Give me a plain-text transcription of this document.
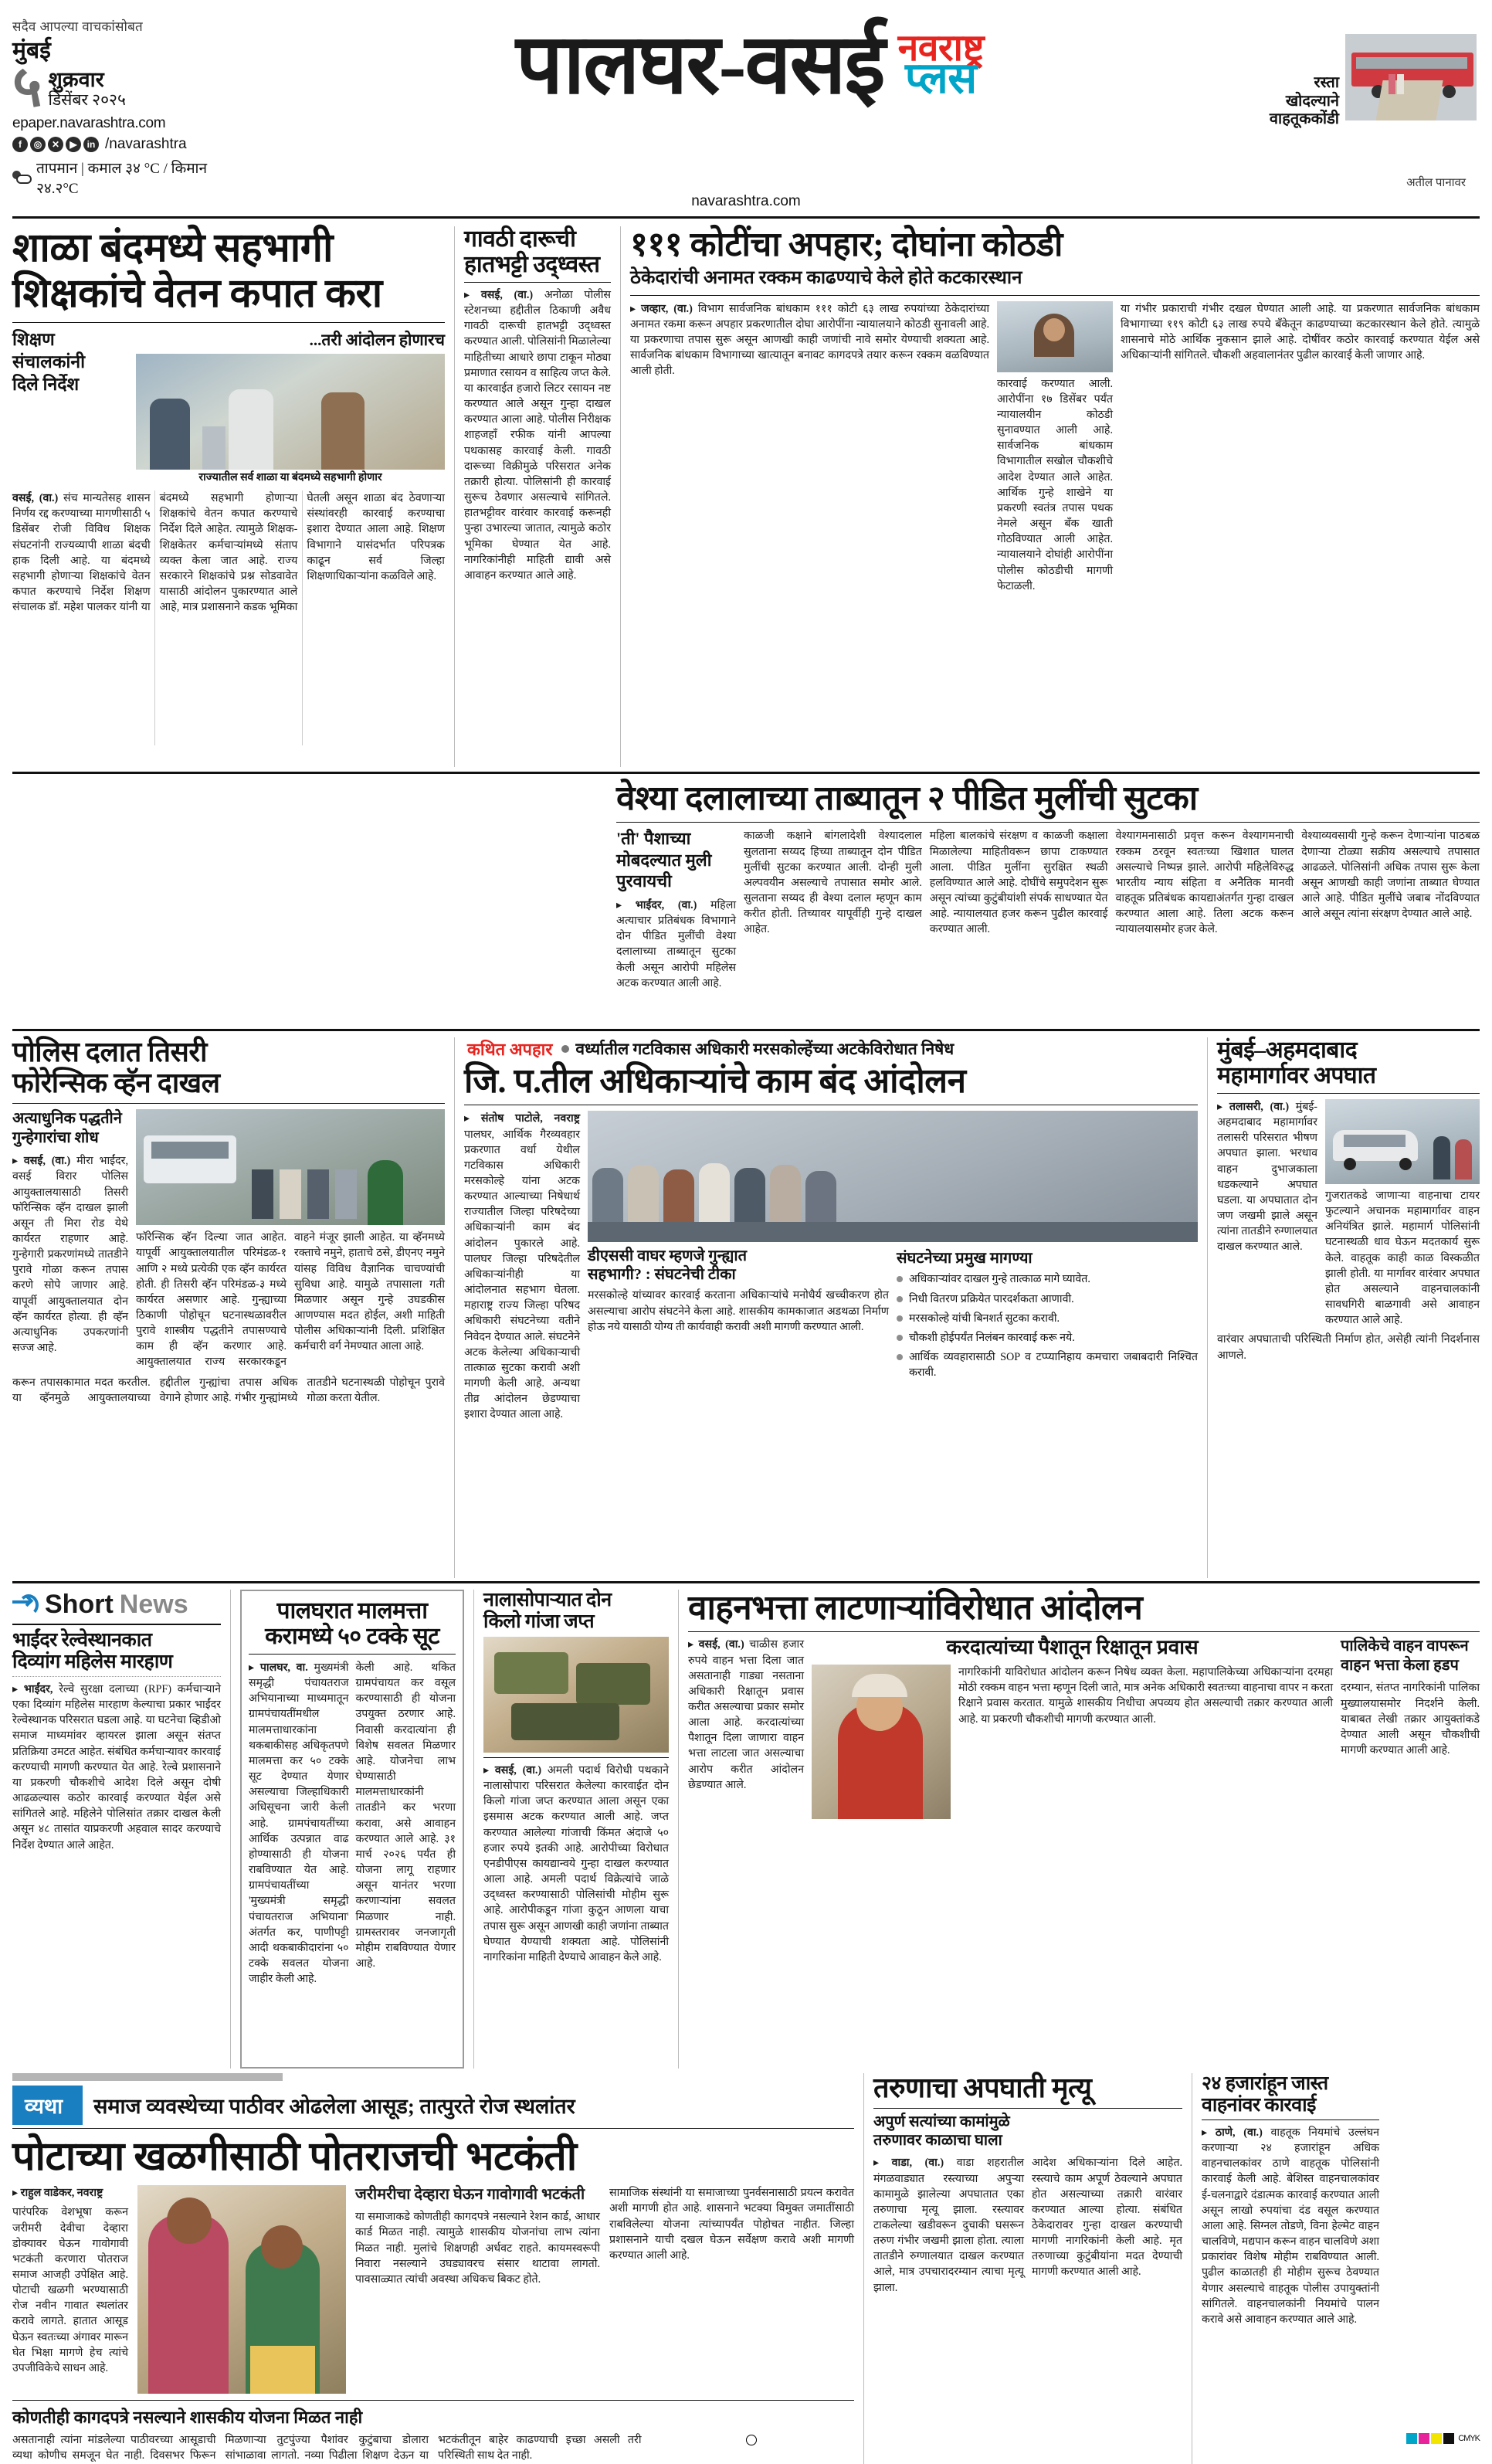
सदैव आपल्या वाचकांसोबत
मुंबई
५ शुक्रवार
डिसेंबर २०२५
epaper.navarashtra.com
f	◎	✕	▶	in /navarashtra
तापमान | कमाल ३४ °C / किमान २४.२°C
पालघर-वसई नवराष्ट्र
प्लस	रस्ता
खोदल्याने
वाहतूककोंडी
अतील पानावर
navarashtra.com
शाळा बंदमध्ये सहभागी
शिक्षकांचे वेतन कपात करा
शिक्षण
संचालकांनी
दिले निर्देश
...तरी आंदोलन होणारच
राज्यातील सर्व शाळा या बंदमध्ये सहभागी होणार
वसई, (वा.) संच मान्यतेसह शासन निर्णय रद्द करण्याच्या मागणीसाठी ५ डिसेंबर रोजी विविध शिक्षक संघटनांनी राज्यव्यापी शाळा बंदची हाक दिली आहे. या बंदमध्ये सहभागी होणाऱ्या शिक्षकांचे वेतन कपात करण्याचे निर्देश शिक्षण संचालक डॉ. महेश पालकर यांनी या बंदमध्ये सहभागी होणाऱ्या शिक्षकांचे वेतन कपात करण्याचे निर्देश दिले आहेत. त्यामुळे शिक्षक-शिक्षकेतर कर्मचाऱ्यांमध्ये संताप व्यक्त केला जात आहे. राज्य सरकारने शिक्षकांचे प्रश्न सोडवावेत यासाठी आंदोलन पुकारण्यात आले आहे, मात्र प्रशासनाने कडक भूमिका घेतली असून शाळा बंद ठेवणाऱ्या संस्थांवरही कारवाई करण्याचा इशारा देण्यात आला आहे. शिक्षण विभागाने यासंदर्भात परिपत्रक काढून सर्व जिल्हा शिक्षणाधिकाऱ्यांना कळविले आहे.
गावठी दारूची
हातभट्टी उद्ध्वस्त
▸ वसई, (वा.) अनोळा पोलीस स्टेशनच्या हद्दीतील ठिकाणी अवैध गावठी दारूची हातभट्टी उद्ध्वस्त करण्यात आली. पोलिसांनी मिळालेल्या माहितीच्या आधारे छापा टाकून मोठ्या प्रमाणात रसायन व साहित्य जप्त केले. या कारवाईत हजारो लिटर रसायन नष्ट करण्यात आले असून गुन्हा दाखल करण्यात आला आहे. पोलीस निरीक्षक शाहजहाँ रफीक यांनी आपल्या पथकासह कारवाई केली. गावठी दारूच्या विक्रीमुळे परिसरात अनेक तक्रारी होत्या. पोलिसांनी ही कारवाई सुरूच ठेवणार असल्याचे सांगितले. हातभट्टीवर वारंवार कारवाई करूनही पुन्हा उभारल्या जातात, त्यामुळे कठोर भूमिका घेण्यात येत आहे. नागरिकांनीही माहिती द्यावी असे आवाहन करण्यात आले आहे.
१११ कोटींचा अपहार; दोघांना कोठडी
ठेकेदारांची अनामत रक्कम काढण्याचे केले होते कटकारस्थान
▸ जव्हार, (वा.) विभाग सार्वजनिक बांधकाम १११ कोटी ६३ लाख रुपयांच्या ठेकेदारांच्या अनामत रकमा करून अपहार प्रकरणातील दोघा आरोपींना न्यायालयाने कोठडी सुनावली आहे. या प्रकरणाचा तपास सुरू असून आणखी काही जणांची नावे समोर येण्याची शक्यता आहे. सार्वजनिक बांधकाम विभागाच्या खात्यातून बनावट कागदपत्रे तयार करून रक्कम वळविण्यात आली होती.
कारवाई करण्यात आली. आरोपींना १७ डिसेंबर पर्यंत न्यायालयीन कोठडी सुनावण्यात आली आहे. सार्वजनिक बांधकाम विभागातील सखोल चौकशीचे आदेश देण्यात आले आहेत. आर्थिक गुन्हे शाखेने या प्रकरणी स्वतंत्र तपास पथक नेमले असून बँक खाती गोठविण्यात आली आहेत. न्यायालयाने दोघांही आरोपींना पोलीस कोठडीची मागणी फेटाळली.
या गंभीर प्रकाराची गंभीर दखल घेण्यात आली आहे. या प्रकरणात सार्वजनिक बांधकाम विभागाच्या ११९ कोटी ६३ लाख रुपये बँकेतून काढण्याच्या कटकारस्थान केले होते. त्यामुळे शासनाचे मोठे आर्थिक नुकसान झाले आहे. दोषींवर कठोर कारवाई करण्यात येईल असे अधिकाऱ्यांनी सांगितले. चौकशी अहवालानंतर पुढील कारवाई केली जाणार आहे.
वेश्या दलालाच्या ताब्यातून २ पीडित मुलींची सुटका
'ती' पैशाच्या
मोबदल्यात मुली
पुरवायची
▸ भाईंदर, (वा.) महिला अत्याचार प्रतिबंधक विभागाने दोन पीडित मुलींची वेश्या दलालाच्या ताब्यातून सुटका केली असून आरोपी महिलेस अटक करण्यात आली आहे.
काळजी कक्षाने बांगलादेशी वेश्यादलाल सुलताना सय्यद हिच्या ताब्यातून दोन पीडित मुलींची सुटका करण्यात आली. दोन्ही मुली अल्पवयीन असल्याचे तपासात समोर आले. सुलताना सय्यद ही वेश्या दलाल म्हणून काम करीत होती. तिच्यावर यापूर्वीही गुन्हे दाखल आहेत.
महिला बालकांचे संरक्षण व काळजी कक्षाला मिळालेल्या माहितीवरून छापा टाकण्यात आला. पीडित मुलींना सुरक्षित स्थळी हलविण्यात आले आहे. दोघींचे समुपदेशन सुरू असून त्यांच्या कुटुंबीयांशी संपर्क साधण्यात येत आहे. न्यायालयात हजर करून पुढील कारवाई करण्यात आली.
वेश्यागमनासाठी प्रवृत्त करून वेश्यागमनाची रक्कम ठरवून स्वतःच्या खिशात घालत असल्याचे निष्पन्न झाले. आरोपी महिलेविरुद्ध भारतीय न्याय संहिता व अनैतिक मानवी वाहतूक प्रतिबंधक कायद्याअंतर्गत गुन्हा दाखल करण्यात आला आहे. तिला अटक करून न्यायालयासमोर हजर केले.
वेश्याव्यवसायी गुन्हे करून देणाऱ्यांना पाठबळ देणाऱ्या टोळ्या सक्रीय असल्याचे तपासात आढळले. पोलिसांनी अधिक तपास सुरू केला असून आणखी काही जणांना ताब्यात घेण्यात आले आहे. पीडित मुलींचे जबाब नोंदविण्यात आले असून त्यांना संरक्षण देण्यात आले आहे.
पोलिस दलात तिसरी
फोरेन्सिक व्हॅन दाखल
अत्याधुनिक पद्धतीने
गुन्हेगारांचा शोध
▸ वसई, (वा.) मीरा भाईंदर, वसई विरार पोलिस आयुक्तालयासाठी तिसरी फॉरेन्सिक व्हॅन दाखल झाली असून ती मिरा रोड येथे कार्यरत राहणार आहे. गुन्हेगारी प्रकरणांमध्ये तातडीने पुरावे गोळा करून तपास करणे सोपे जाणार आहे. यापूर्वी आयुक्तालयात दोन व्हॅन कार्यरत होत्या. ही व्हॅन अत्याधुनिक उपकरणांनी सज्ज आहे.
फॉरेन्सिक व्हॅन दिल्या जात आहेत. यापूर्वी आयुक्तालयातील परिमंडळ-१ आणि २ मध्ये प्रत्येकी एक व्हॅन कार्यरत होती. ही तिसरी व्हॅन परिमंडळ-३ मध्ये कार्यरत असणार आहे. गुन्ह्याच्या ठिकाणी पोहोचून घटनास्थळावरील पुरावे शास्त्रीय पद्धतीने तपासण्याचे काम ही व्हॅन करणार आहे. आयुक्तालयात राज्य सरकारकडून वाहने मंजूर झाली आहेत. या व्हॅनमध्ये रक्ताचे नमुने, हाताचे ठसे, डीएनए नमुने यांसह विविध वैज्ञानिक चाचण्यांची सुविधा आहे. यामुळे तपासाला गती मिळणार असून गुन्हे उघडकीस आणण्यास मदत होईल, अशी माहिती पोलीस अधिकाऱ्यांनी दिली. प्रशिक्षित कर्मचारी वर्ग नेमण्यात आला आहे.
करून तपासकामात मदत करतील. या व्हॅनमुळे आयुक्तालयाच्या हद्दीतील गुन्ह्यांचा तपास अधिक वेगाने होणार आहे. गंभीर गुन्ह्यांमध्ये तातडीने घटनास्थळी पोहोचून पुरावे गोळा करता येतील.
कथित अपहार वर्ध्यातील गटविकास अधिकारी मरसकोल्हेंच्या अटकेविरोधात निषेध
जि. प.तील अधिकाऱ्यांचे काम बंद आंदोलन
▸ संतोष पाटोले, नवराष्ट्र पालघर, आर्थिक गैरव्यवहार प्रकरणात वर्धा येथील गटविकास अधिकारी मरसकोल्हे यांना अटक करण्यात आल्याच्या निषेधार्थ राज्यातील जिल्हा परिषदेच्या अधिकाऱ्यांनी काम बंद आंदोलन पुकारले आहे. पालघर जिल्हा परिषदेतील अधिकाऱ्यांनीही या आंदोलनात सहभाग घेतला. महाराष्ट्र राज्य जिल्हा परिषद अधिकारी संघटनेच्या वतीने निवेदन देण्यात आले. संघटनेने अटक केलेल्या अधिकाऱ्याची तात्काळ सुटका करावी अशी मागणी केली आहे. अन्यथा तीव्र आंदोलन छेडण्याचा इशारा देण्यात आला आहे.
डीएससी वाघर म्हणजे गुन्ह्यात
सहभागी? : संघटनेची टीका
मरसकोल्हे यांच्यावर कारवाई करताना अधिकाऱ्यांचे मनोधैर्य खच्चीकरण होत असल्याचा आरोप संघटनेने केला आहे. शासकीय कामकाजात अडथळा निर्माण होऊ नये यासाठी योग्य ती कार्यवाही करावी अशी मागणी करण्यात आली.
संघटनेच्या प्रमुख मागण्या
अधिकाऱ्यांवर दाखल गुन्हे तात्काळ मागे घ्यावेत.
निधी वितरण प्रक्रियेत पारदर्शकता आणावी.
मरसकोल्हे यांची बिनशर्त सुटका करावी.
चौकशी होईपर्यंत निलंबन कारवाई करू नये.
आर्थिक व्यवहारासाठी SOP व टप्प्यानिहाय कमचारा जबाबदारी निश्चित करावी.
मुंबई–अहमदाबाद
महामार्गावर अपघात
▸ तलासरी, (वा.) मुंबई-अहमदाबाद महामार्गावर तलासरी परिसरात भीषण अपघात झाला. भरधाव वाहन दुभाजकाला धडकल्याने अपघात घडला. या अपघातात दोन जण जखमी झाले असून त्यांना तातडीने रुग्णालयात दाखल करण्यात आले.
गुजरातकडे जाणाऱ्या वाहनाचा टायर फुटल्याने अचानक महामार्गावर वाहन अनियंत्रित झाले. महामार्ग पोलिसांनी घटनास्थळी धाव घेऊन मदतकार्य सुरू केले. वाहतूक काही काळ विस्कळीत झाली होती. या मार्गावर वारंवार अपघात होत असल्याने वाहनचालकांनी सावधगिरी बाळगावी असे आवाहन करण्यात आले आहे.
वारंवार अपघाताची परिस्थिती निर्माण होत, असेही त्यांनी निदर्शनास आणले.
Short News
भाईंदर रेल्वेस्थानकात
दिव्यांग महिलेस मारहाण
▸ भाईंदर, रेल्वे सुरक्षा दलाच्या (RPF) कर्मचाऱ्याने एका दिव्यांग महिलेस मारहाण केल्याचा प्रकार भाईंदर रेल्वेस्थानक परिसरात घडला आहे. या घटनेचा व्हिडीओ समाज माध्यमांवर व्हायरल झाला असून संतप्त प्रतिक्रिया उमटत आहेत. संबंधित कर्मचाऱ्यावर कारवाई करण्याची मागणी करण्यात येत आहे. रेल्वे प्रशासनाने या प्रकरणी चौकशीचे आदेश दिले असून दोषी आढळल्यास कठोर कारवाई करण्यात येईल असे सांगितले आहे. महिलेने पोलिसांत तक्रार दाखल केली असून ४८ तासांत याप्रकरणी अहवाल सादर करण्याचे निर्देश देण्यात आले आहेत.
पालघरात मालमत्ता
करामध्ये ५० टक्के सूट
▸ पालघर, वा. मुख्यमंत्री समृद्धी पंचायतराज अभियानाच्या माध्यमातून ग्रामपंचायतींमधील मालमत्ताधारकांना थकबाकीसह अधिकृतपणे मालमत्ता कर ५० टक्के सूट देण्यात येणार असल्याचा जिल्हाधिकारी अधिसूचना जारी केली आहे. ग्रामपंचायतींच्या आर्थिक उत्पन्नात वाढ होण्यासाठी ही योजना राबविण्यात येत आहे. ग्रामपंचायतींच्या 'मुख्यमंत्री समृद्धी पंचायतराज अभियाना' अंतर्गत कर, पाणीपट्टी आदी थकबाकीदारांना ५० टक्के सवलत योजना जाहीर केली आहे.
केली आहे. थकित ग्रामपंचायत कर वसूल करण्यासाठी ही योजना उपयुक्त ठरणार आहे. निवासी करदात्यांना ही विशेष सवलत मिळणार आहे. योजनेचा लाभ घेण्यासाठी मालमत्ताधारकांनी तातडीने कर भरणा करावा, असे आवाहन करण्यात आले आहे. ३१ मार्च २०२६ पर्यंत ही योजना लागू राहणार असून यानंतर भरणा करणाऱ्यांना सवलत मिळणार नाही. ग्रामस्तरावर जनजागृती मोहीम राबविण्यात येणार आहे.
नालासोपाऱ्यात दोन
किलो गांजा जप्त
▸ वसई, (वा.) अमली पदार्थ विरोधी पथकाने नालासोपारा परिसरात केलेल्या कारवाईत दोन किलो गांजा जप्त करण्यात आला असून एका इसमास अटक करण्यात आली आहे. जप्त करण्यात आलेल्या गांजाची किंमत अंदाजे ५० हजार रुपये इतकी आहे. आरोपीच्या विरोधात एनडीपीएस कायद्यान्वये गुन्हा दाखल करण्यात आला आहे. अमली पदार्थ विक्रेत्यांचे जाळे उद्ध्वस्त करण्यासाठी पोलिसांची मोहीम सुरू आहे. आरोपीकडून गांजा कुठून आणला याचा तपास सुरू असून आणखी काही जणांना ताब्यात घेण्यात येण्याची शक्यता आहे. पोलिसांनी नागरिकांना माहिती देण्याचे आवाहन केले आहे.
वाहनभत्ता लाटणाऱ्यांविरोधात आंदोलन
▸ वसई, (वा.) चाळीस हजार रुपये वाहन भत्ता दिला जात असतानाही गाड्या नसताना अधिकारी रिक्षातून प्रवास करीत असल्याचा प्रकार समोर आला आहे. करदात्यांच्या पैशातून दिला जाणारा वाहन भत्ता लाटला जात असल्याचा आरोप करीत आंदोलन छेडण्यात आले.
करदात्यांच्या पैशातून रिक्षातून प्रवास
नागरिकांनी याविरोधात आंदोलन करून निषेध व्यक्त केला. महापालिकेच्या अधिकाऱ्यांना दरमहा मोठी रक्कम वाहन भत्ता म्हणून दिली जाते, मात्र अनेक अधिकारी स्वतःच्या वाहनाचा वापर न करता रिक्षाने प्रवास करतात. यामुळे शासकीय निधीचा अपव्यय होत असल्याची तक्रार करण्यात आली आहे. या प्रकरणी चौकशीची मागणी करण्यात आली.
पालिकेचे वाहन वापरून
वाहन भत्ता केला हडप
दरम्यान, संतप्त नागरिकांनी पालिका मुख्यालयासमोर निदर्शने केली. याबाबत लेखी तक्रार आयुक्तांकडे देण्यात आली असून चौकशीची मागणी करण्यात आली आहे.
व्यथा	समाज व्यवस्थेच्या पाठीवर ओढलेला आसूड; तात्पुरते रोज स्थलांतर
पोटाच्या खळगीसाठी पोतराजची भटकंती
▸ राहुल वाडेकर, नवराष्ट्र
पारंपरिक वेशभूषा करून जरीमरी देवीचा देव्हारा डोक्यावर घेऊन गावोगावी भटकंती करणारा पोतराज समाज आजही उपेक्षित आहे. पोटाची खळगी भरण्यासाठी रोज नवीन गावात स्थलांतर करावे लागते. हातात आसूड घेऊन स्वतःच्या अंगावर मारून घेत भिक्षा मागणे हेच त्यांचे उपजीविकेचे साधन आहे.
जरीमरीचा देव्हारा घेऊन गावोगावी भटकंती
या समाजाकडे कोणतीही कागदपत्रे नसल्याने रेशन कार्ड, आधार कार्ड मिळत नाही. त्यामुळे शासकीय योजनांचा लाभ त्यांना मिळत नाही. मुलांचे शिक्षणही अर्धवट राहते. कायमस्वरूपी निवारा नसल्याने उघड्यावरच संसार थाटावा लागतो. पावसाळ्यात त्यांची अवस्था अधिकच बिकट होते.
सामाजिक संस्थांनी या समाजाच्या पुनर्वसनासाठी प्रयत्न करावेत अशी मागणी होत आहे. शासनाने भटक्या विमुक्त जमातींसाठी राबविलेल्या योजना त्यांच्यापर्यंत पोहोचत नाहीत. जिल्हा प्रशासनाने याची दखल घेऊन सर्वेक्षण करावे अशी मागणी करण्यात आली आहे.
कोणतीही कागदपत्रे नसल्याने शासकीय योजना मिळत नाही
असतानाही त्यांना मांडलेल्या पाठीवरच्या आसूडाची व्यथा कोणीच समजून घेत नाही. दिवसभर फिरून मिळणाऱ्या तुटपुंज्या पैशांवर कुटुंबाचा डोलारा सांभाळावा लागतो. नव्या पिढीला शिक्षण देऊन या भटकंतीतून बाहेर काढण्याची इच्छा असली तरी परिस्थिती साथ देत नाही.
तरुणाचा अपघाती मृत्यू
अपुर्ण सत्यांच्या कामांमुळे
तरुणावर काळाचा घाला
▸ वाडा, (वा.) वाडा शहरातील मंगळवाड्यात रस्त्याच्या अपुऱ्या कामामुळे झालेल्या अपघातात एका तरुणाचा मृत्यू झाला. रस्त्यावर टाकलेल्या खडीवरून दुचाकी घसरून तरुण गंभीर जखमी झाला होता. त्याला तातडीने रुग्णालयात दाखल करण्यात आले, मात्र उपचारादरम्यान त्याचा मृत्यू झाला.
आदेश अधिकाऱ्यांना दिले आहेत. रस्त्याचे काम अपूर्ण ठेवल्याने अपघात होत असल्याच्या तक्रारी वारंवार करण्यात आल्या होत्या. संबंधित ठेकेदारावर गुन्हा दाखल करण्याची मागणी नागरिकांनी केली आहे. मृत तरुणाच्या कुटुंबीयांना मदत देण्याची मागणी करण्यात आली आहे.
२४ हजारांहून जास्त
वाहनांवर कारवाई
▸ ठाणे, (वा.) वाहतूक नियमांचे उल्लंघन करणाऱ्या २४ हजारांहून अधिक वाहनचालकांवर ठाणे वाहतूक पोलिसांनी कारवाई केली आहे. बेशिस्त वाहनचालकांवर ई-चलनाद्वारे दंडात्मक कारवाई करण्यात आली असून लाखो रुपयांचा दंड वसूल करण्यात आला आहे. सिग्नल तोडणे, विना हेल्मेट वाहन चालविणे, मद्यपान करून वाहन चालविणे अशा प्रकारांवर विशेष मोहीम राबविण्यात आली. पुढील काळातही ही मोहीम सुरूच ठेवण्यात येणार असल्याचे वाहतूक पोलीस उपायुक्तांनी सांगितले. वाहनचालकांनी नियमांचे पालन करावे असे आवाहन करण्यात आले आहे.
CMYK
